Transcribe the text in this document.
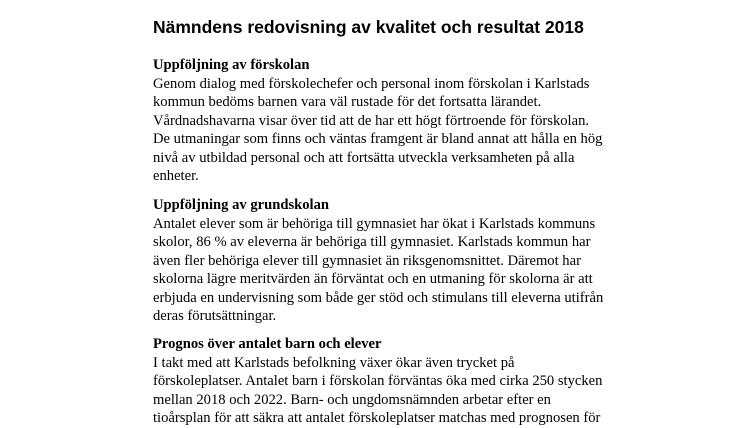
Nämndens redovisning av kvalitet och resultat 2018
Uppföljning av förskolan
Genom dialog med förskolechefer och personal inom förskolan i Karlstads
kommun bedöms barnen vara väl rustade för det fortsatta lärandet.
Vårdnadshavarna visar över tid att de har ett högt förtroende för förskolan.
De utmaningar som finns och väntas framgent är bland annat att hålla en hög
nivå av utbildad personal och att fortsätta utveckla verksamheten på alla
enheter.
Uppföljning av grundskolan
Antalet elever som är behöriga till gymnasiet har ökat i Karlstads kommuns
skolor, 86 % av eleverna är behöriga till gymnasiet. Karlstads kommun har
även fler behöriga elever till gymnasiet än riksgenomsnittet. Däremot har
skolorna lägre meritvärden än förväntat och en utmaning för skolorna är att
erbjuda en undervisning som både ger stöd och stimulans till eleverna utifrån
deras förutsättningar.
Prognos över antalet barn och elever
I takt med att Karlstads befolkning växer ökar även trycket på
förskoleplatser. Antalet barn i förskolan förväntas öka med cirka 250 stycken
mellan 2018 och 2022. Barn- och ungdomsnämnden arbetar efter en
tioårsplan för att säkra att antalet förskoleplatser matchas med prognosen för
